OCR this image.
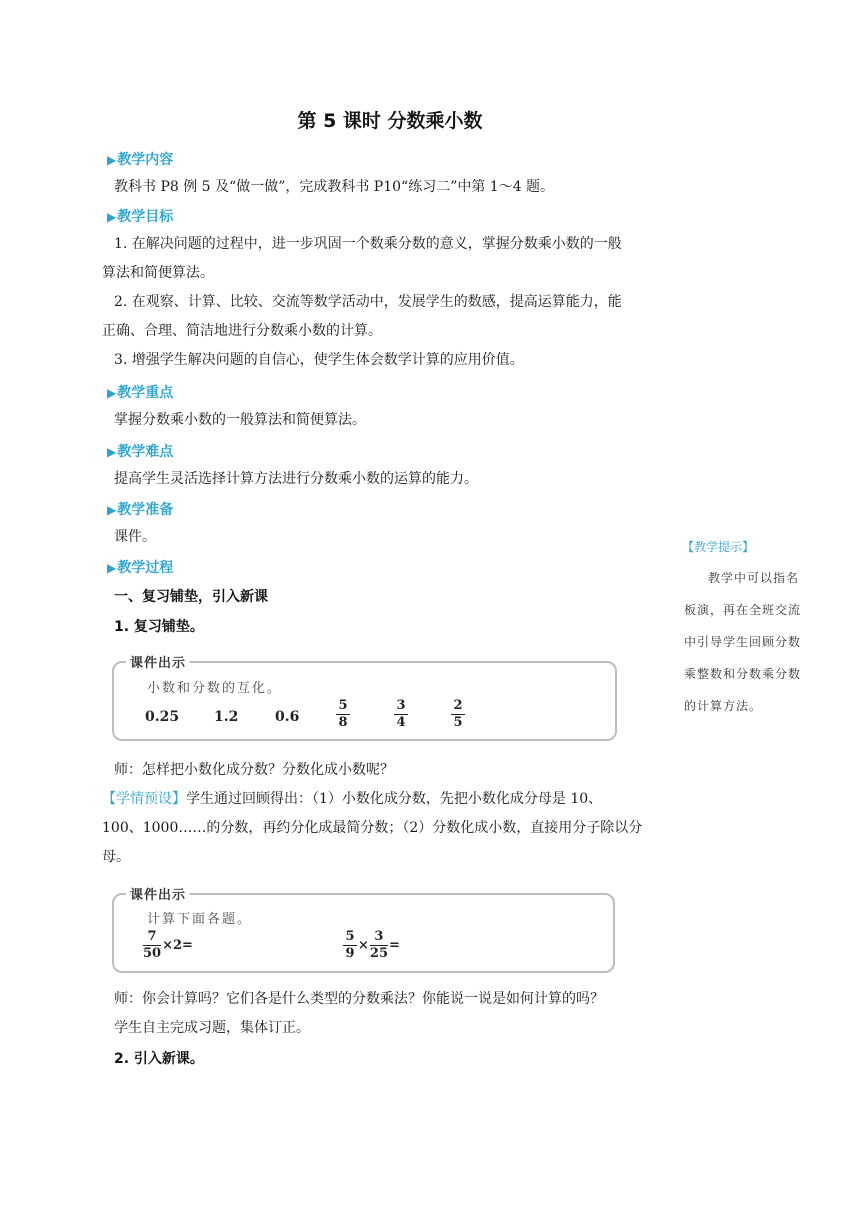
第 5 课时 分数乘小数
▶教学内容
教科书 P8 例 5 及“做一做”，完成教科书 P10“练习二”中第 1～4 题。
▶教学目标
1. 在解决问题的过程中，进一步巩固一个数乘分数的意义，掌握分数乘小数的一般
算法和简便算法。
2. 在观察、计算、比较、交流等数学活动中，发展学生的数感，提高运算能力，能
正确、合理、简洁地进行分数乘小数的计算。
3. 增强学生解决问题的自信心，使学生体会数学计算的应用价值。
▶教学重点
掌握分数乘小数的一般算法和简便算法。
▶教学难点
提高学生灵活选择计算方法进行分数乘小数的运算的能力。
▶教学准备
课件。
▶教学过程
一、复习铺垫，引入新课
1. 复习铺垫。
课件出示
小数和分数的互化。
0.25 1.2	0.6
5
8
3
4
2
5
师：怎样把小数化成分数？分数化成小数呢？
【学情预设】学生通过回顾得出：（1）小数化成分数，先把小数化成分母是 10、
100、1000……的分数，再约分化成最简分数；（2）分数化成小数，直接用分子除以分
母。
课件出示
计算下面各题。
$\frac{7}{50} \times 2=$	$\frac{5}{9} \times \frac{3}{25}$ =
师：你会计算吗？它们各是什么类型的分数乘法？你能说一说是如何计算的吗？
学生自主完成习题，集体订正。
2. 引入新课。
【教学提示】
教学中可以指名
板演，再在全班交流
中引导学生回顾分数
乘整数和分数乘分数
的计算方法。
